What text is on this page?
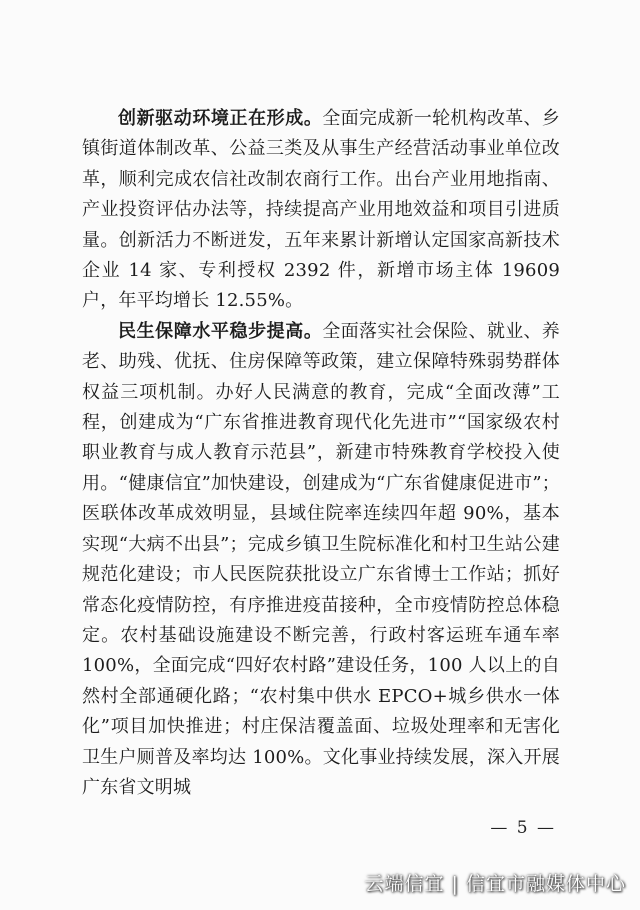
创新驱动环境正在形成。全面完成新一轮机构改革、乡镇街道体制改革、公益三类及从事生产经营活动事业单位改革，顺利完成农信社改制农商行工作。出台产业用地指南、产业投资评估办法等，持续提高产业用地效益和项目引进质量。创新活力不断迸发，五年来累计新增认定国家高新技术企业 14 家、专利授权 2392 件，新增市场主体 19609 户，年平均增长 12.55%。

民生保障水平稳步提高。全面落实社会保险、就业、养老、助残、优抚、住房保障等政策，建立保障特殊弱势群体权益三项机制。办好人民满意的教育，完成“全面改薄”工程，创建成为“广东省推进教育现代化先进市”“国家级农村职业教育与成人教育示范县”，新建市特殊教育学校投入使用。“健康信宜”加快建设，创建成为“广东省健康促进市”；医联体改革成效明显，县域住院率连续四年超 90%，基本实现“大病不出县”；完成乡镇卫生院标准化和村卫生站公建规范化建设；市人民医院获批设立广东省博士工作站；抓好常态化疫情防控，有序推进疫苗接种，全市疫情防控总体稳定。农村基础设施建设不断完善，行政村客运班车通车率 100%，全面完成“四好农村路”建设任务，100 人以上的自然村全部通硬化路；“农村集中供水 EPCO+城乡供水一体化”项目加快推进；村庄保洁覆盖面、垃圾处理率和无害化卫生户厕普及率均达 100%。文化事业持续发展，深入开展广东省文明城

— 5 —
云端信宜 | 信宜市融媒体中心
